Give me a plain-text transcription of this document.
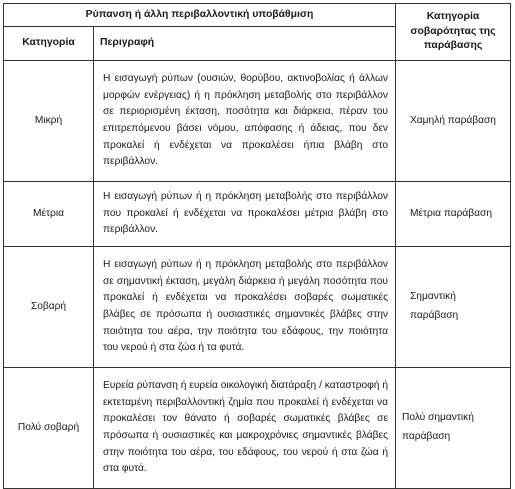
Ρύπανση ή άλλη περιβαλλοντική υποβάθμιση		Κατηγορία σοβαρότητας της παράβασης
Κατηγορία	Περιγραφή	
Μικρή	Η εισαγωγή ρύπων (ουσιών, θορύβου, ακτινοβολίας ή άλλων μορφών ενέργειας) ή η πρόκληση μεταβολής στο περιβάλλον σε περιορισμένη έκταση, ποσότητα και διάρκεια, πέραν του επιτρεπόμενου βάσει νόμου, απόφασης ή άδειας, που δεν προκαλεί ή ενδέχεται να προκαλέσει ήπια βλάβη στο περιβάλλον.	Χαμηλή παράβαση
Μέτρια	Η εισαγωγή ρύπων ή η πρόκληση μεταβολής στο περιβάλλον που προκαλεί ή ενδέχεται να προκαλέσει μέτρια βλάβη στο περιβάλλον.	Μέτρια παράβαση
Σοβαρή	Η εισαγωγή ρύπων ή η πρόκληση μεταβολής στο περιβάλλον σε σημαντική έκταση, μεγάλη διάρκεια ή μεγάλη ποσότητα που προκαλεί ή ενδέχεται να προκαλέσει σοβαρές σωματικές βλάβες σε πρόσωπα ή ουσιαστικές σημαντικές βλάβες στην ποιότητα του αέρα, την ποιότητα του εδάφους, την ποιότητα του νερού ή στα ζώα ή τα φυτά.	Σημαντική παράβαση
Πολύ σοβαρή	Ευρεία ρύπανση ή ευρεία οικολογική διατάραξη / καταστροφή ή εκτεταμένη περιβαλλοντική ζημία που προκαλεί ή ενδέχεται να προκαλέσει τον θάνατο ή σοβαρές σωματικές βλάβες σε πρόσωπα ή ουσιαστικές και μακροχρόνιες σημαντικές βλάβες στην ποιότητα του αέρα, του εδάφους, του νερού ή στα ζώα ή στα φυτά.	Πολύ σημαντική παράβαση
